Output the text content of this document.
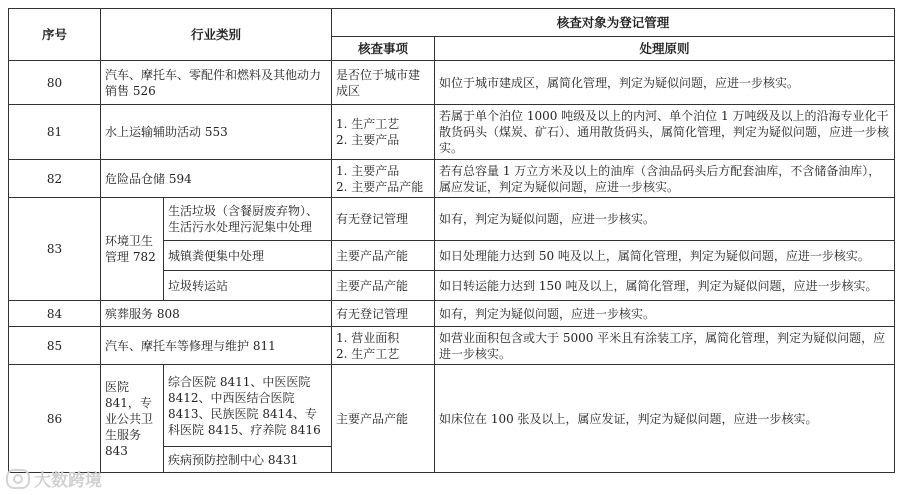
序号	行业类别		核查对象为登记管理	
			核查事项	处理原则
80	汽车、摩托车、零配件和燃料及其他动力销售 526		是否位于城市建成区	如位于城市建成区，属简化管理，判定为疑似问题，应进一步核实。
81	水上运输辅助活动 553		1. 生产工艺
2. 主要产品	若属于单个泊位 1000 吨级及以上的内河、单个泊位 1 万吨级及以上的沿海专业化干散货码头（煤炭、矿石）、通用散货码头，属简化管理，判定为疑似问题，应进一步核实。
82	危险品仓储 594		1. 主要产品
2. 主要产品产能	若有总容量 1 万立方米及以上的油库（含油品码头后方配套油库，不含储备油库），属应发证，判定为疑似问题，应进一步核实。
83	环境卫生管理 782	生活垃圾（含餐厨废弃物）、生活污水处理污泥集中处理	有无登记管理	如有，判定为疑似问题，应进一步核实。
		城镇粪便集中处理	主要产品产能	如日处理能力达到 50 吨及以上，属简化管理，判定为疑似问题，应进一步核实。
		垃圾转运站	主要产品产能	如日转运能力达到 150 吨及以上，属简化管理，判定为疑似问题，应进一步核实。
84	殡葬服务 808		有无登记管理	如有，判定为疑似问题，应进一步核实。
85	汽车、摩托车等修理与维护 811		1. 营业面积
2. 生产工艺	如营业面积包含或大于 5000 平米且有涂装工序，属简化管理，判定为疑似问题，应进一步核实。
86	医院 841，专业公共卫生服务 843	综合医院 8411、中医医院 8412、中西医结合医院 8413、民族医院 8414、专科医院 8415、疗养院 8416	主要产品产能	如床位在 100 张及以上，属应发证，判定为疑似问题，应进一步核实。
		疾病预防控制中心 8431		
大数跨境
